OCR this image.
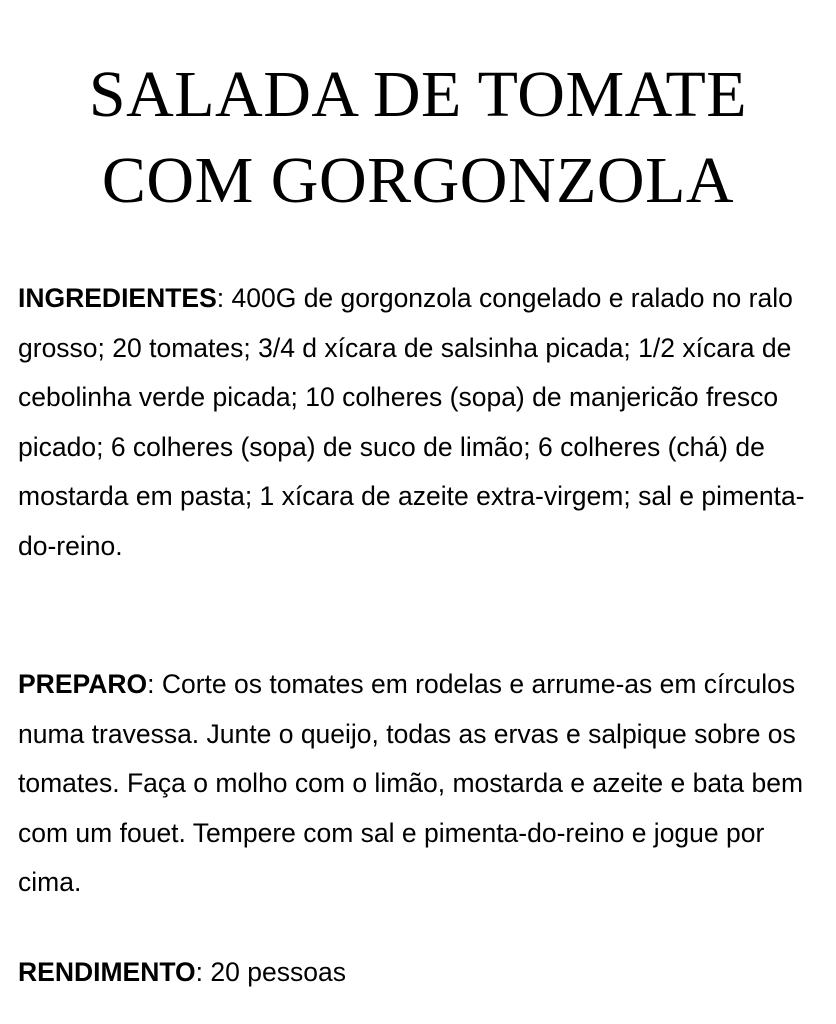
SALADA DE TOMATE
COM GORGONZOLA

INGREDIENTES: 400G de gorgonzola congelado e ralado no ralo grosso; 20 tomates; 3/4 d xícara de salsinha picada; 1/2 xícara de cebolinha verde picada; 10 colheres (sopa) de manjericão fresco picado; 6 colheres (sopa) de suco de limão; 6 colheres (chá) de mostarda em pasta; 1 xícara de azeite extra-virgem; sal e pimenta-do-reino.

PREPARO: Corte os tomates em rodelas e arrume-as em círculos numa travessa. Junte o queijo, todas as ervas e salpique sobre os tomates. Faça o molho com o limão, mostarda e azeite e bata bem com um fouet. Tempere com sal e pimenta-do-reino e jogue por cima.

RENDIMENTO: 20 pessoas
